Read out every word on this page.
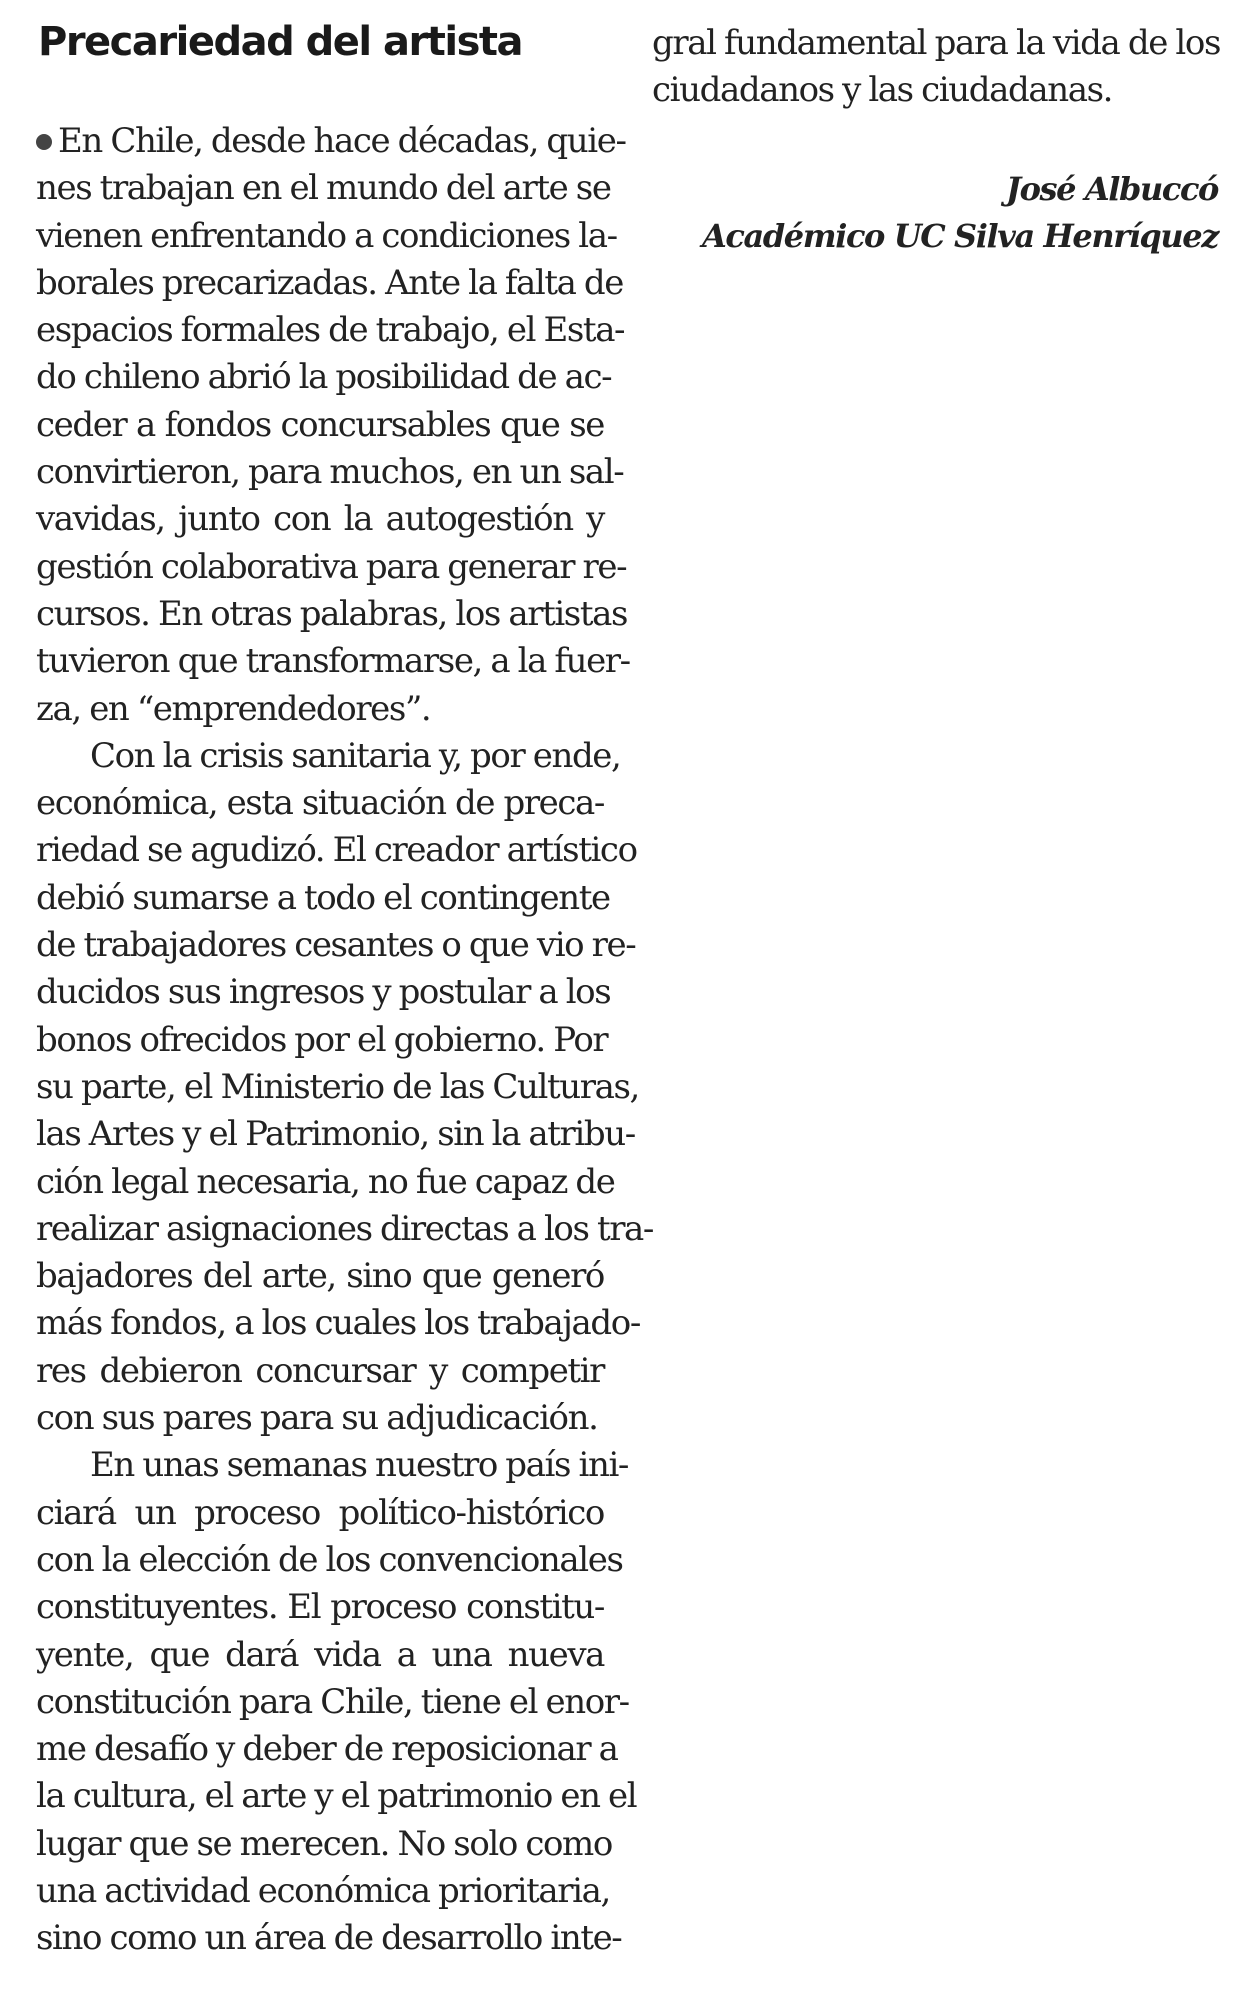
Precariedad del artista
En Chile, desde hace décadas, quie-
nes trabajan en el mundo del arte se
vienen enfrentando a condiciones la-
borales precarizadas. Ante la falta de
espacios formales de trabajo, el Esta-
do chileno abrió la posibilidad de ac-
ceder a fondos concursables que se
convirtieron, para muchos, en un sal-
vavidas, junto con la autogestión y
gestión colaborativa para generar re-
cursos. En otras palabras, los artistas
tuvieron que transformarse, a la fuer-
za, en “emprendedores”.
Con la crisis sanitaria y, por ende,
económica, esta situación de preca-
riedad se agudizó. El creador artístico
debió sumarse a todo el contingente
de trabajadores cesantes o que vio re-
ducidos sus ingresos y postular a los
bonos ofrecidos por el gobierno. Por
su parte, el Ministerio de las Culturas,
las Artes y el Patrimonio, sin la atribu-
ción legal necesaria, no fue capaz de
realizar asignaciones directas a los tra-
bajadores del arte, sino que generó
más fondos, a los cuales los trabajado-
res debieron concursar y competir
con sus pares para su adjudicación.
En unas semanas nuestro país ini-
ciará un proceso político-histórico
con la elección de los convencionales
constituyentes. El proceso constitu-
yente, que dará vida a una nueva
constitución para Chile, tiene el enor-
me desafío y deber de reposicionar a
la cultura, el arte y el patrimonio en el
lugar que se merecen. No solo como
una actividad económica prioritaria,
sino como un área de desarrollo inte-
gral fundamental para la vida de los
ciudadanos y las ciudadanas.
José Albuccó
Académico UC Silva Henríquez
